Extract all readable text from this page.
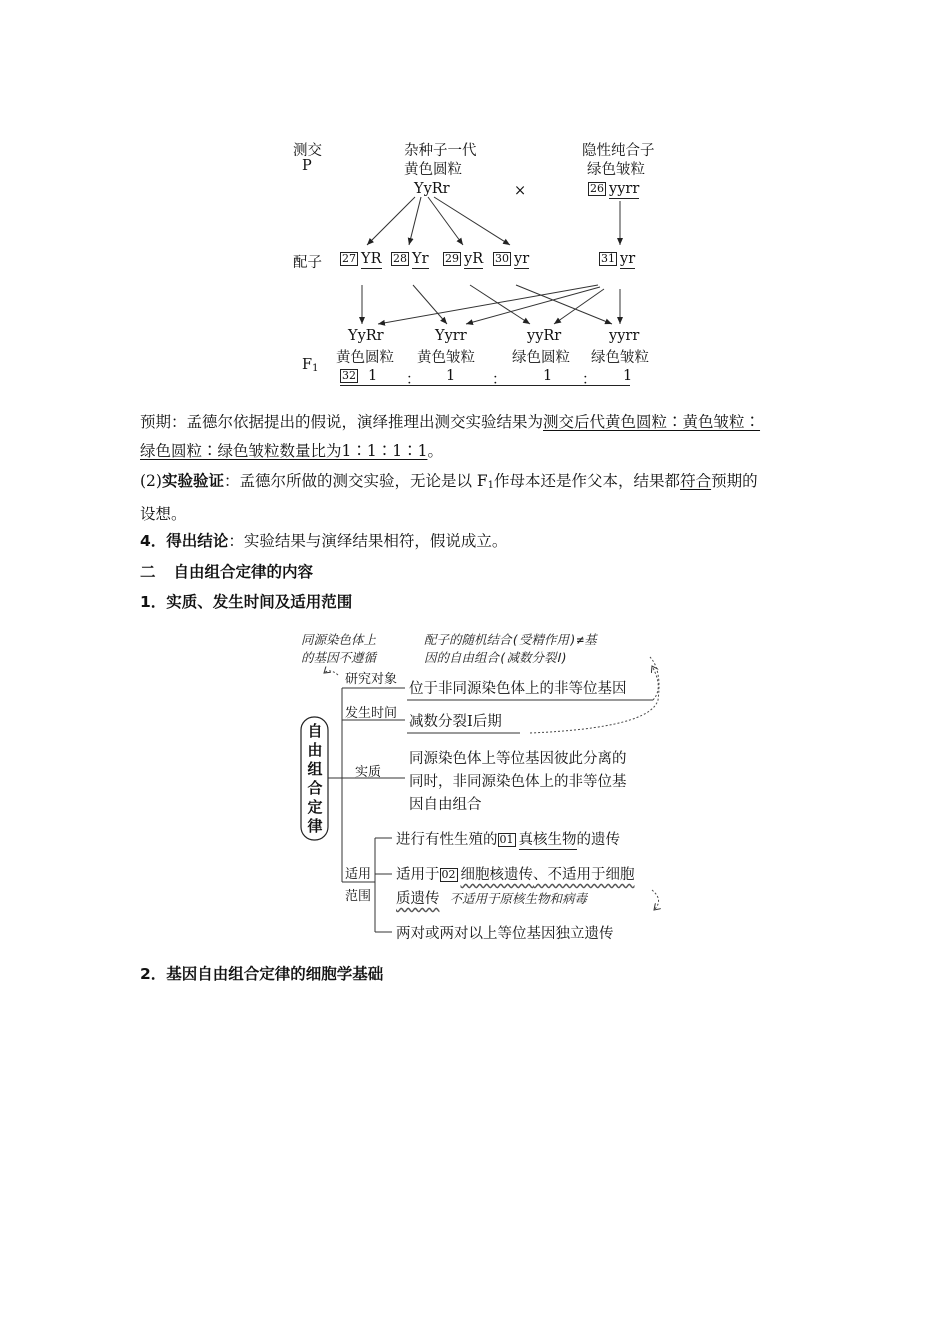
测交
P
杂种子一代
黄色圆粒
YyRr	×
隐性纯合子
绿色皱粒
26 yyrr
配子 27 YR 28 Yr 29 yR 30 yr	31 yr
YyRr	Yyrr	yyRr	yyrr
黄色圆粒 黄色皱粒	绿色圆粒 绿色皱粒
$F_1$
32 1 ： 1	：	1 ： 1
预期：孟德尔依据提出的假说，演绎推理出测交实验结果为测交后代黄色圆粒∶黄色皱粒∶
绿色圆粒∶绿色皱粒数量比为1∶1∶1∶1。
(2)实验验证：孟德尔所做的测交实验，无论是以 $F_1$作母本还是作父本，结果都符合预期的
设想。
4．得出结论：实验结果与演绎结果相符，假说成立。
二 自由组合定律的内容
1．实质、发生时间及适用范围
同源染色体上
的基因不遵循
配子的随机结合(受精作用)≠基
因的自由组合(减数分裂Ⅰ)
自
由
组
合
定
律
研究对象
位于非同源染色体上的非等位基因
发生时间
减数分裂Ⅰ后期
实质
同源染色体上等位基因彼此分离的
同时，非同源染色体上的非等位基
因自由组合
适用
范围
进行有性生殖的 01 真核生物的遗传
适用于 02 细胞核遗传、不适用于细胞
质遗传 不适用于原核生物和病毒
两对或两对以上等位基因独立遗传
2．基因自由组合定律的细胞学基础
